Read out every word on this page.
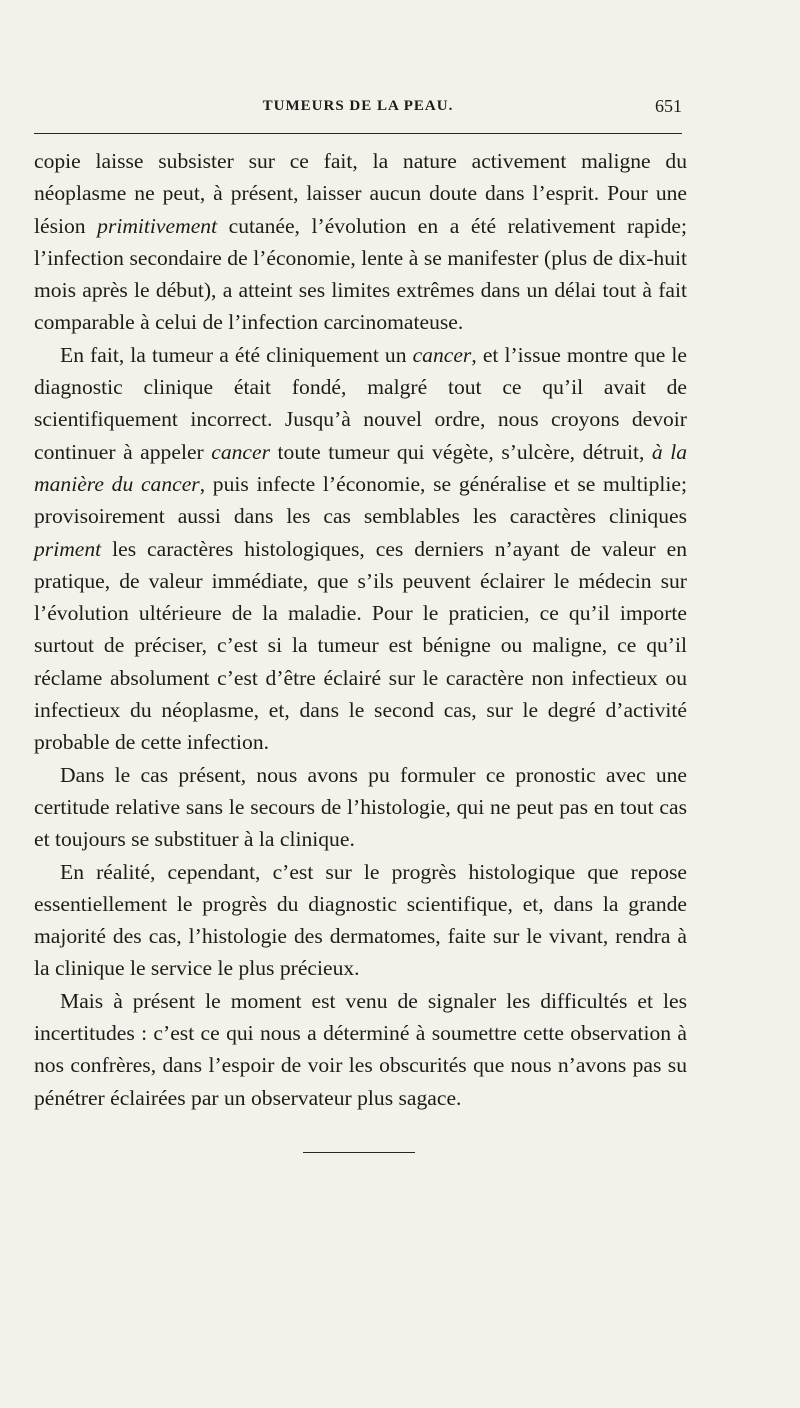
TUMEURS DE LA PEAU.	651

copie laisse subsister sur ce fait, la nature activement maligne du néoplasme ne peut, à présent, laisser aucun doute dans l’esprit. Pour une lésion primitivement cutanée, l’évolution en a été relativement rapide; l’infection secondaire de l’économie, lente à se manifester (plus de dix-huit mois après le début), a atteint ses limites extrêmes dans un délai tout à fait comparable à celui de l’infection carcinomateuse.

En fait, la tumeur a été cliniquement un cancer, et l’issue montre que le diagnostic clinique était fondé, malgré tout ce qu’il avait de scientifiquement incorrect. Jusqu’à nouvel ordre, nous croyons devoir continuer à appeler cancer toute tumeur qui végète, s’ulcère, détruit, à la manière du cancer, puis infecte l’économie, se généralise et se multiplie; provisoirement aussi dans les cas semblables les caractères cliniques priment les caractères histologiques, ces derniers n’ayant de valeur en pratique, de valeur immédiate, que s’ils peuvent éclairer le médecin sur l’évolution ultérieure de la maladie. Pour le praticien, ce qu’il importe surtout de préciser, c’est si la tumeur est bénigne ou maligne, ce qu’il réclame absolument c’est d’être éclairé sur le caractère non infectieux ou infectieux du néoplasme, et, dans le second cas, sur le degré d’activité probable de cette infection.

Dans le cas présent, nous avons pu formuler ce pronostic avec une certitude relative sans le secours de l’histologie, qui ne peut pas en tout cas et toujours se substituer à la clinique.

En réalité, cependant, c’est sur le progrès histologique que repose essentiellement le progrès du diagnostic scientifique, et, dans la grande majorité des cas, l’histologie des dermatomes, faite sur le vivant, rendra à la clinique le service le plus précieux.

Mais à présent le moment est venu de signaler les difficultés et les incertitudes : c’est ce qui nous a déterminé à soumettre cette observation à nos confrères, dans l’espoir de voir les obscurités que nous n’avons pas su pénétrer éclairées par un observateur plus sagace.
